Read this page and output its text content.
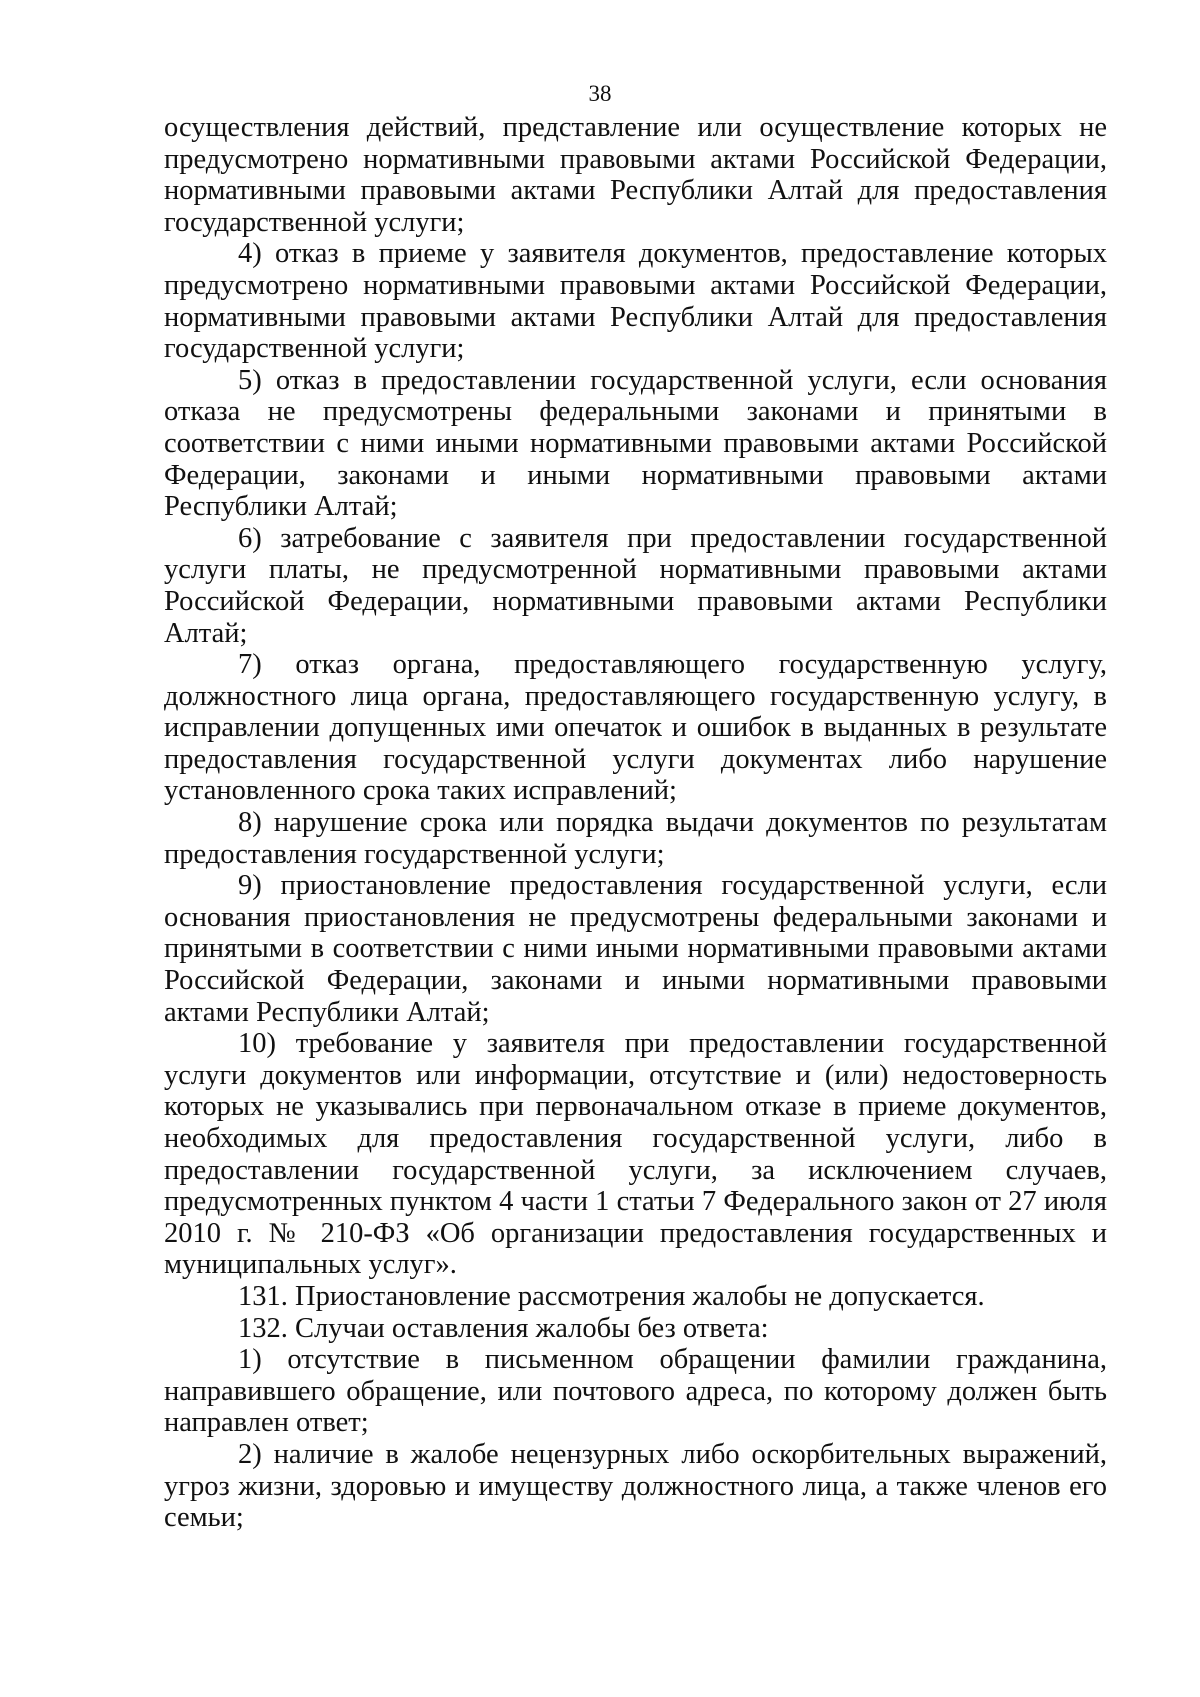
38

осуществления действий, представление или осуществление которых не предусмотрено нормативными правовыми актами Российской Федерации, нормативными правовыми актами Республики Алтай для предоставления государственной услуги;

4) отказ в приеме у заявителя документов, предоставление которых предусмотрено нормативными правовыми актами Российской Федерации, нормативными правовыми актами Республики Алтай для предоставления государственной услуги;

5) отказ в предоставлении государственной услуги, если основания отказа не предусмотрены федеральными законами и принятыми в соответствии с ними иными нормативными правовыми актами Российской Федерации, законами и иными нормативными правовыми актами Республики Алтай;

6) затребование с заявителя при предоставлении государственной услуги платы, не предусмотренной нормативными правовыми актами Российской Федерации, нормативными правовыми актами Республики Алтай;

7) отказ органа, предоставляющего государственную услугу, должностного лица органа, предоставляющего государственную услугу, в исправлении допущенных ими опечаток и ошибок в выданных в результате предоставления государственной услуги документах либо нарушение установленного срока таких исправлений;

8) нарушение срока или порядка выдачи документов по результатам предоставления государственной услуги;

9) приостановление предоставления государственной услуги, если основания приостановления не предусмотрены федеральными законами и принятыми в соответствии с ними иными нормативными правовыми актами Российской Федерации, законами и иными нормативными правовыми актами Республики Алтай;

10) требование у заявителя при предоставлении государственной услуги документов или информации, отсутствие и (или) недостоверность которых не указывались при первоначальном отказе в приеме документов, необходимых для предоставления государственной услуги, либо в предоставлении государственной услуги, за исключением случаев, предусмотренных пунктом 4 части 1 статьи 7 Федерального закон от 27 июля 2010 г. № 210-ФЗ «Об организации предоставления государственных и муниципальных услуг».

131. Приостановление рассмотрения жалобы не допускается.

132. Случаи оставления жалобы без ответа:

1) отсутствие в письменном обращении фамилии гражданина, направившего обращение, или почтового адреса, по которому должен быть направлен ответ;

2) наличие в жалобе нецензурных либо оскорбительных выражений, угроз жизни, здоровью и имуществу должностного лица, а также членов его семьи;
